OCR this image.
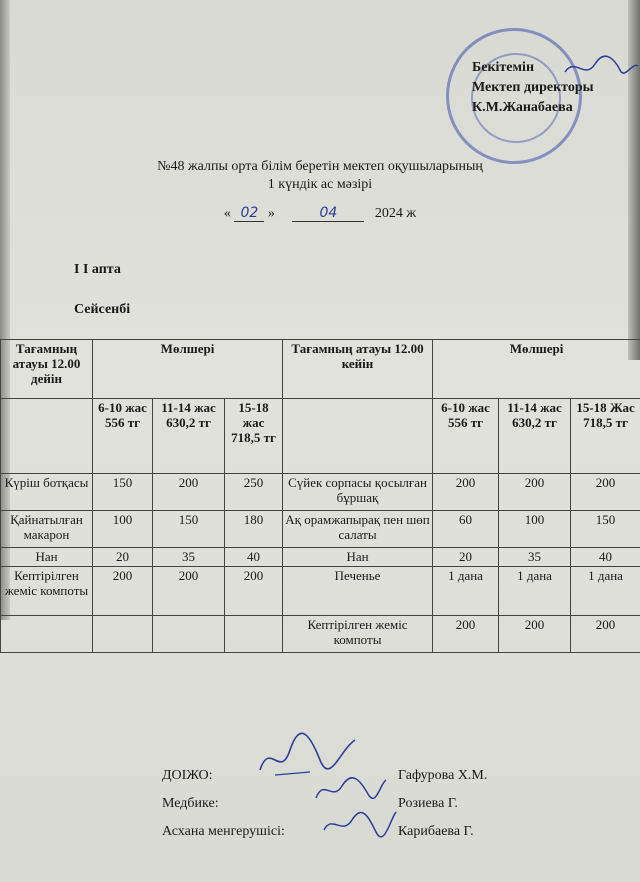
Бекітемін
Мектеп директоры
К.М.Жанабаева
№48 жалпы орта білім беретін мектеп оқушыларының
1 күндік ас мәзірі
« 02 »	04	2024 ж
I I апта
Сейсенбі
Тағамның атауы 12.00 дейін	Мөлшері			Тағамның атауы 12.00 кейін	Мөлшері		
	6-10 жас 556 тг	11-14 жас 630,2 тг	15-18 жас 718,5 тг		6-10 жас 556 тг	11-14 жас 630,2 тг	15-18 Жас 718,5 тг
Күріш ботқасы	150	200	250	Сүйек сорпасы қосылған бұршақ	200	200	200
Қайнатылған макарон	100	150	180	Ақ орамжапырақ пен шөп салаты	60	100	150
Нан	20	35	40	Нан	20	35	40
Кептірілген жеміс компоты	200	200	200	Печенье	1 дана	1 дана	1 дана
				Кептірілген жеміс компоты	200	200	200
ДОІЖО:	Гафурова Х.М.
Медбике:	Розиева Г.
Асхана менгерушісі:	Карибаева Г.
